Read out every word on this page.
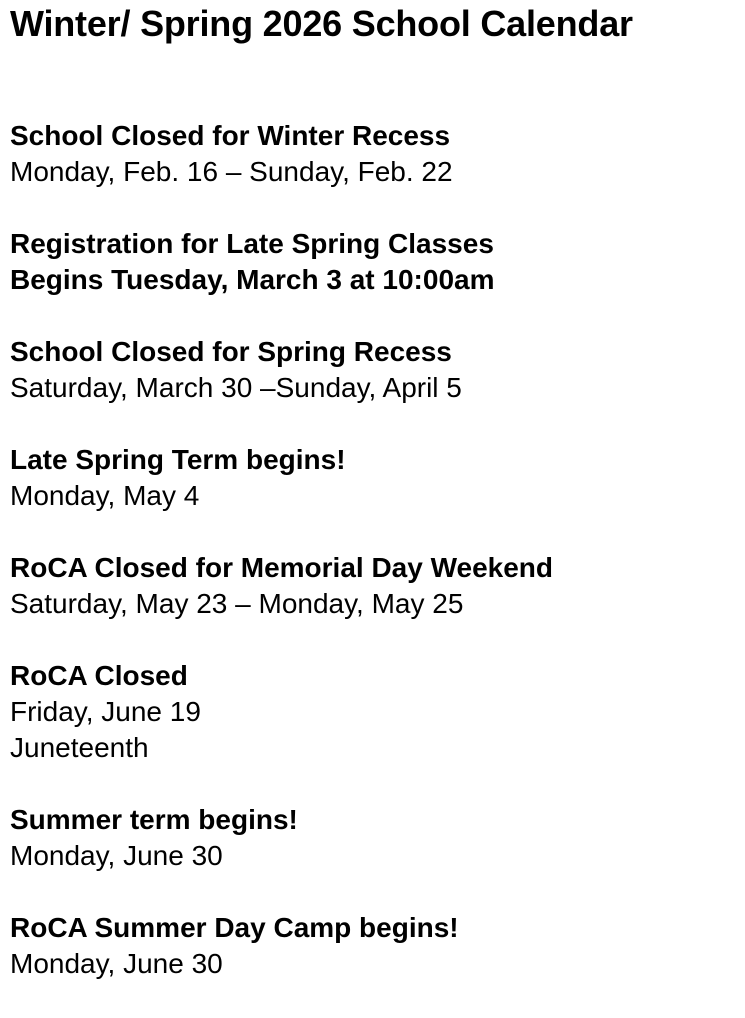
Winter/ Spring 2026 School Calendar
School Closed for Winter Recess
Monday, Feb. 16 – Sunday, Feb. 22
Registration for Late Spring Classes
Begins Tuesday, March 3 at 10:00am
School Closed for Spring Recess
Saturday, March 30 –Sunday, April 5
Late Spring Term begins!
Monday, May 4
RoCA Closed for Memorial Day Weekend
Saturday, May 23 – Monday, May 25
RoCA Closed
Friday, June 19
Juneteenth
Summer term begins!
Monday, June 30
RoCA Summer Day Camp begins!
Monday, June 30
